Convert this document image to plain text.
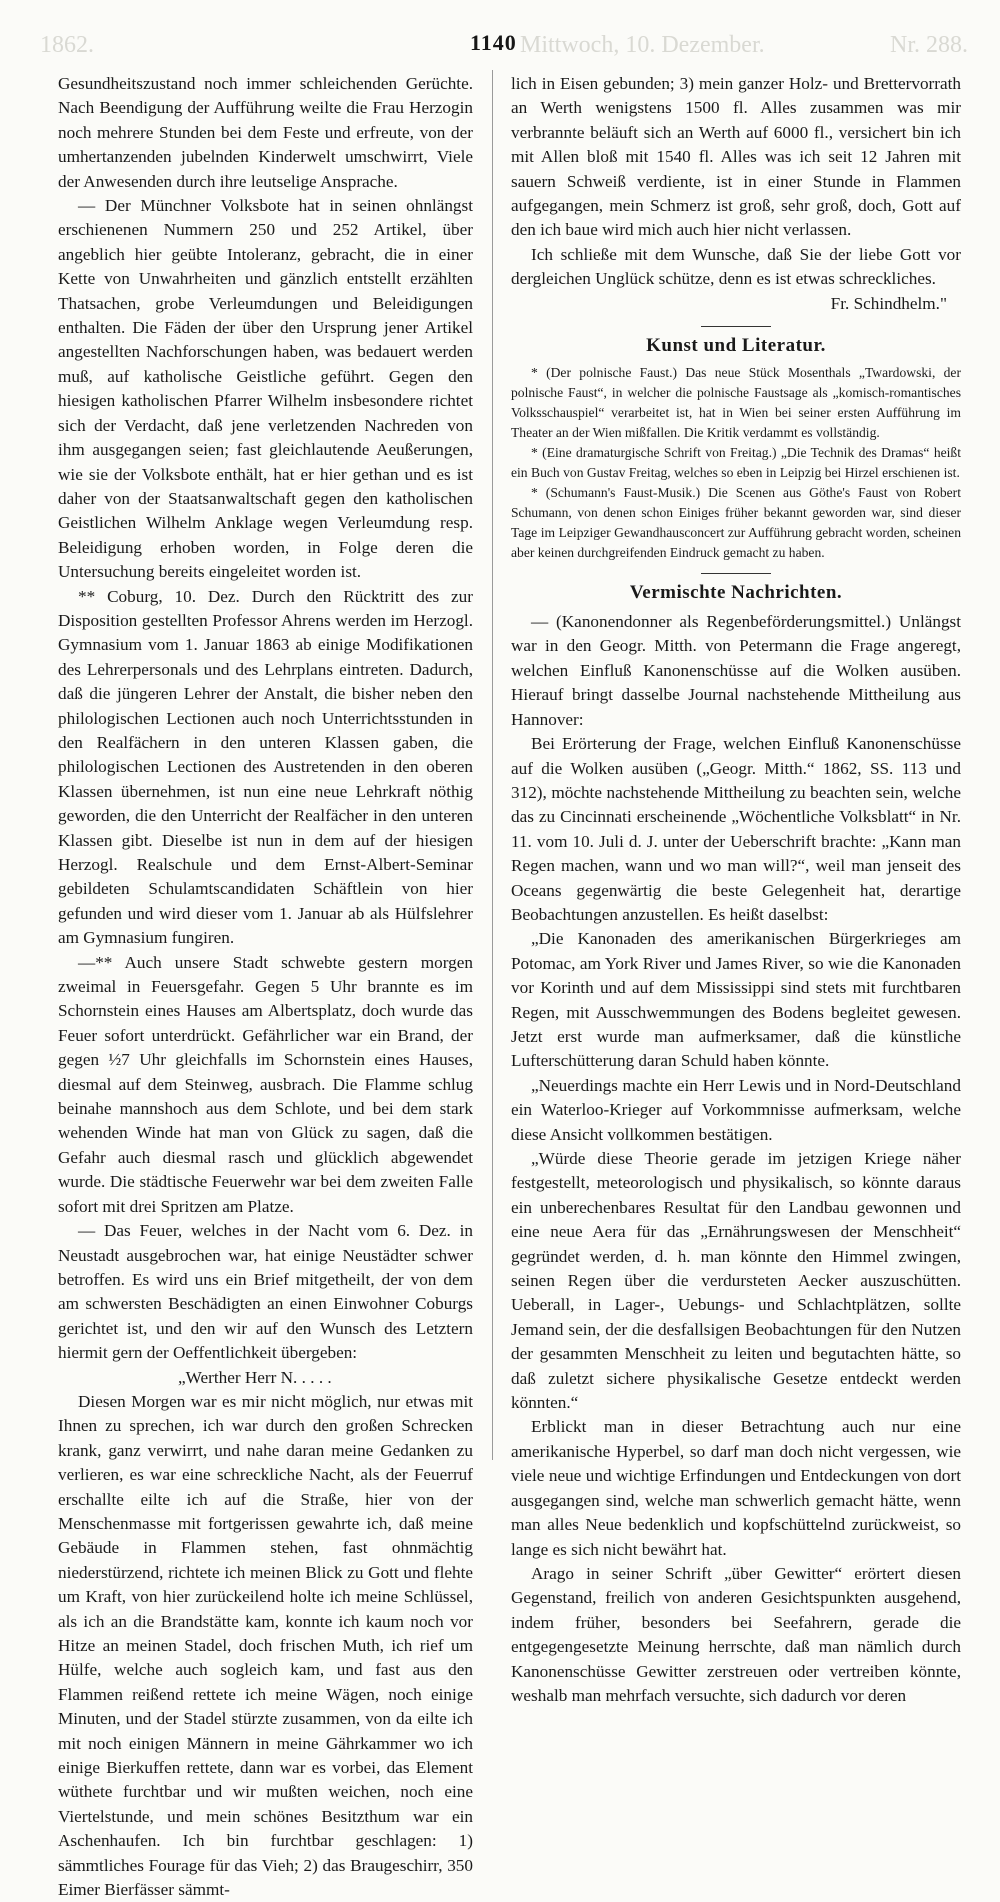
1862.	Mittwoch, 10. Dezember.	Nr. 288.
1140

Gesundheitszustand noch immer schleichenden Gerüchte. Nach Beendigung der Aufführung weilte die Frau Herzogin noch mehrere Stunden bei dem Feste und erfreute, von der umhertanzenden jubelnden Kinderwelt umschwirrt, Viele der Anwesenden durch ihre leutselige Ansprache.

— Der Münchner Volksbote hat in seinen ohnlängst erschienenen Nummern 250 und 252 Artikel, über angeblich hier geübte Intoleranz, gebracht, die in einer Kette von Unwahrheiten und gänzlich entstellt erzählten Thatsachen, grobe Verleumdungen und Beleidigungen enthalten. Die Fäden der über den Ursprung jener Artikel angestellten Nachforschungen haben, was bedauert werden muß, auf katholische Geistliche geführt. Gegen den hiesigen katholischen Pfarrer Wilhelm insbesondere richtet sich der Verdacht, daß jene verletzenden Nachreden von ihm ausgegangen seien; fast gleichlautende Aeußerungen, wie sie der Volksbote enthält, hat er hier gethan und es ist daher von der Staatsanwaltschaft gegen den katholischen Geistlichen Wilhelm Anklage wegen Verleumdung resp. Beleidigung erhoben worden, in Folge deren die Untersuchung bereits eingeleitet worden ist.

** Coburg, 10. Dez. Durch den Rücktritt des zur Disposition gestellten Professor Ahrens werden im Herzogl. Gymnasium vom 1. Januar 1863 ab einige Modifikationen des Lehrerpersonals und des Lehrplans eintreten. Dadurch, daß die jüngeren Lehrer der Anstalt, die bisher neben den philologischen Lectionen auch noch Unterrichtsstunden in den Realfächern in den unteren Klassen gaben, die philologischen Lectionen des Austretenden in den oberen Klassen übernehmen, ist nun eine neue Lehrkraft nöthig geworden, die den Unterricht der Realfächer in den unteren Klassen gibt. Dieselbe ist nun in dem auf der hiesigen Herzogl. Realschule und dem Ernst-Albert-Seminar gebildeten Schulamtscandidaten Schäftlein von hier gefunden und wird dieser vom 1. Januar ab als Hülfslehrer am Gymnasium fungiren.

—** Auch unsere Stadt schwebte gestern morgen zweimal in Feuersgefahr. Gegen 5 Uhr brannte es im Schornstein eines Hauses am Albertsplatz, doch wurde das Feuer sofort unterdrückt. Gefährlicher war ein Brand, der gegen ½7 Uhr gleichfalls im Schornstein eines Hauses, diesmal auf dem Steinweg, ausbrach. Die Flamme schlug beinahe mannshoch aus dem Schlote, und bei dem stark wehenden Winde hat man von Glück zu sagen, daß die Gefahr auch diesmal rasch und glücklich abgewendet wurde. Die städtische Feuerwehr war bei dem zweiten Falle sofort mit drei Spritzen am Platze.

— Das Feuer, welches in der Nacht vom 6. Dez. in Neustadt ausgebrochen war, hat einige Neustädter schwer betroffen. Es wird uns ein Brief mitgetheilt, der von dem am schwersten Beschädigten an einen Einwohner Coburgs gerichtet ist, und den wir auf den Wunsch des Letztern hiermit gern der Oeffentlichkeit übergeben:

„Werther Herr N. . . . .

Diesen Morgen war es mir nicht möglich, nur etwas mit Ihnen zu sprechen, ich war durch den großen Schrecken krank, ganz verwirrt, und nahe daran meine Gedanken zu verlieren, es war eine schreckliche Nacht, als der Feuerruf erschallte eilte ich auf die Straße, hier von der Menschenmasse mit fortgerissen gewahrte ich, daß meine Gebäude in Flammen stehen, fast ohnmächtig niederstürzend, richtete ich meinen Blick zu Gott und flehte um Kraft, von hier zurückeilend holte ich meine Schlüssel, als ich an die Brandstätte kam, konnte ich kaum noch vor Hitze an meinen Stadel, doch frischen Muth, ich rief um Hülfe, welche auch sogleich kam, und fast aus den Flammen reißend rettete ich meine Wägen, noch einige Minuten, und der Stadel stürzte zusammen, von da eilte ich mit noch einigen Männern in meine Gährkammer wo ich einige Bierkuffen rettete, dann war es vorbei, das Element wüthete furchtbar und wir mußten weichen, noch eine Viertelstunde, und mein schönes Besitzthum war ein Aschenhaufen. Ich bin furchtbar geschlagen: 1) sämmtliches Fourage für das Vieh; 2) das Braugeschirr, 350 Eimer Bierfässer sämmt-

lich in Eisen gebunden; 3) mein ganzer Holz- und Brettervorrath an Werth wenigstens 1500 fl. Alles zusammen was mir verbrannte beläuft sich an Werth auf 6000 fl., versichert bin ich mit Allen bloß mit 1540 fl. Alles was ich seit 12 Jahren mit sauern Schweiß verdiente, ist in einer Stunde in Flammen aufgegangen, mein Schmerz ist groß, sehr groß, doch, Gott auf den ich baue wird mich auch hier nicht verlassen.

Ich schließe mit dem Wunsche, daß Sie der liebe Gott vor dergleichen Unglück schütze, denn es ist etwas schreckliches.

Fr. Schindhelm."

Kunst und Literatur.

* (Der polnische Faust.) Das neue Stück Mosenthals „Twardowski, der polnische Faust“, in welcher die polnische Faustsage als „komisch-romantisches Volksschauspiel“ verarbeitet ist, hat in Wien bei seiner ersten Aufführung im Theater an der Wien mißfallen. Die Kritik verdammt es vollständig.

* (Eine dramaturgische Schrift von Freitag.) „Die Technik des Dramas“ heißt ein Buch von Gustav Freitag, welches so eben in Leipzig bei Hirzel erschienen ist.

* (Schumann's Faust-Musik.) Die Scenen aus Göthe's Faust von Robert Schumann, von denen schon Einiges früher bekannt geworden war, sind dieser Tage im Leipziger Gewandhausconcert zur Aufführung gebracht worden, scheinen aber keinen durchgreifenden Eindruck gemacht zu haben.

Vermischte Nachrichten.

— (Kanonendonner als Regenbeförderungsmittel.) Unlängst war in den Geogr. Mitth. von Petermann die Frage angeregt, welchen Einfluß Kanonenschüsse auf die Wolken ausüben. Hierauf bringt dasselbe Journal nachstehende Mittheilung aus Hannover:

Bei Erörterung der Frage, welchen Einfluß Kanonenschüsse auf die Wolken ausüben („Geogr. Mitth.“ 1862, SS. 113 und 312), möchte nachstehende Mittheilung zu beachten sein, welche das zu Cincinnati erscheinende „Wöchentliche Volksblatt“ in Nr. 11. vom 10. Juli d. J. unter der Ueberschrift brachte: „Kann man Regen machen, wann und wo man will?“, weil man jenseit des Oceans gegenwärtig die beste Gelegenheit hat, derartige Beobachtungen anzustellen. Es heißt daselbst:

„Die Kanonaden des amerikanischen Bürgerkrieges am Potomac, am York River und James River, so wie die Kanonaden vor Korinth und auf dem Mississippi sind stets mit furchtbaren Regen, mit Ausschwemmungen des Bodens begleitet gewesen. Jetzt erst wurde man aufmerksamer, daß die künstliche Lufterschütterung daran Schuld haben könnte.

„Neuerdings machte ein Herr Lewis und in Nord-Deutschland ein Waterloo-Krieger auf Vorkommnisse aufmerksam, welche diese Ansicht vollkommen bestätigen.

„Würde diese Theorie gerade im jetzigen Kriege näher festgestellt, meteorologisch und physikalisch, so könnte daraus ein unberechenbares Resultat für den Landbau gewonnen und eine neue Aera für das „Ernährungswesen der Menschheit“ gegründet werden, d. h. man könnte den Himmel zwingen, seinen Regen über die verdursteten Aecker auszuschütten. Ueberall, in Lager-, Uebungs- und Schlachtplätzen, sollte Jemand sein, der die desfallsigen Beobachtungen für den Nutzen der gesammten Menschheit zu leiten und begutachten hätte, so daß zuletzt sichere physikalische Gesetze entdeckt werden könnten.“

Erblickt man in dieser Betrachtung auch nur eine amerikanische Hyperbel, so darf man doch nicht vergessen, wie viele neue und wichtige Erfindungen und Entdeckungen von dort ausgegangen sind, welche man schwerlich gemacht hätte, wenn man alles Neue bedenklich und kopfschüttelnd zurückweist, so lange es sich nicht bewährt hat.

Arago in seiner Schrift „über Gewitter“ erörtert diesen Gegenstand, freilich von anderen Gesichtspunkten ausgehend, indem früher, besonders bei Seefahrern, gerade die entgegengesetzte Meinung herrschte, daß man nämlich durch Kanonenschüsse Gewitter zerstreuen oder vertreiben könnte, weshalb man mehrfach versuchte, sich dadurch vor deren
